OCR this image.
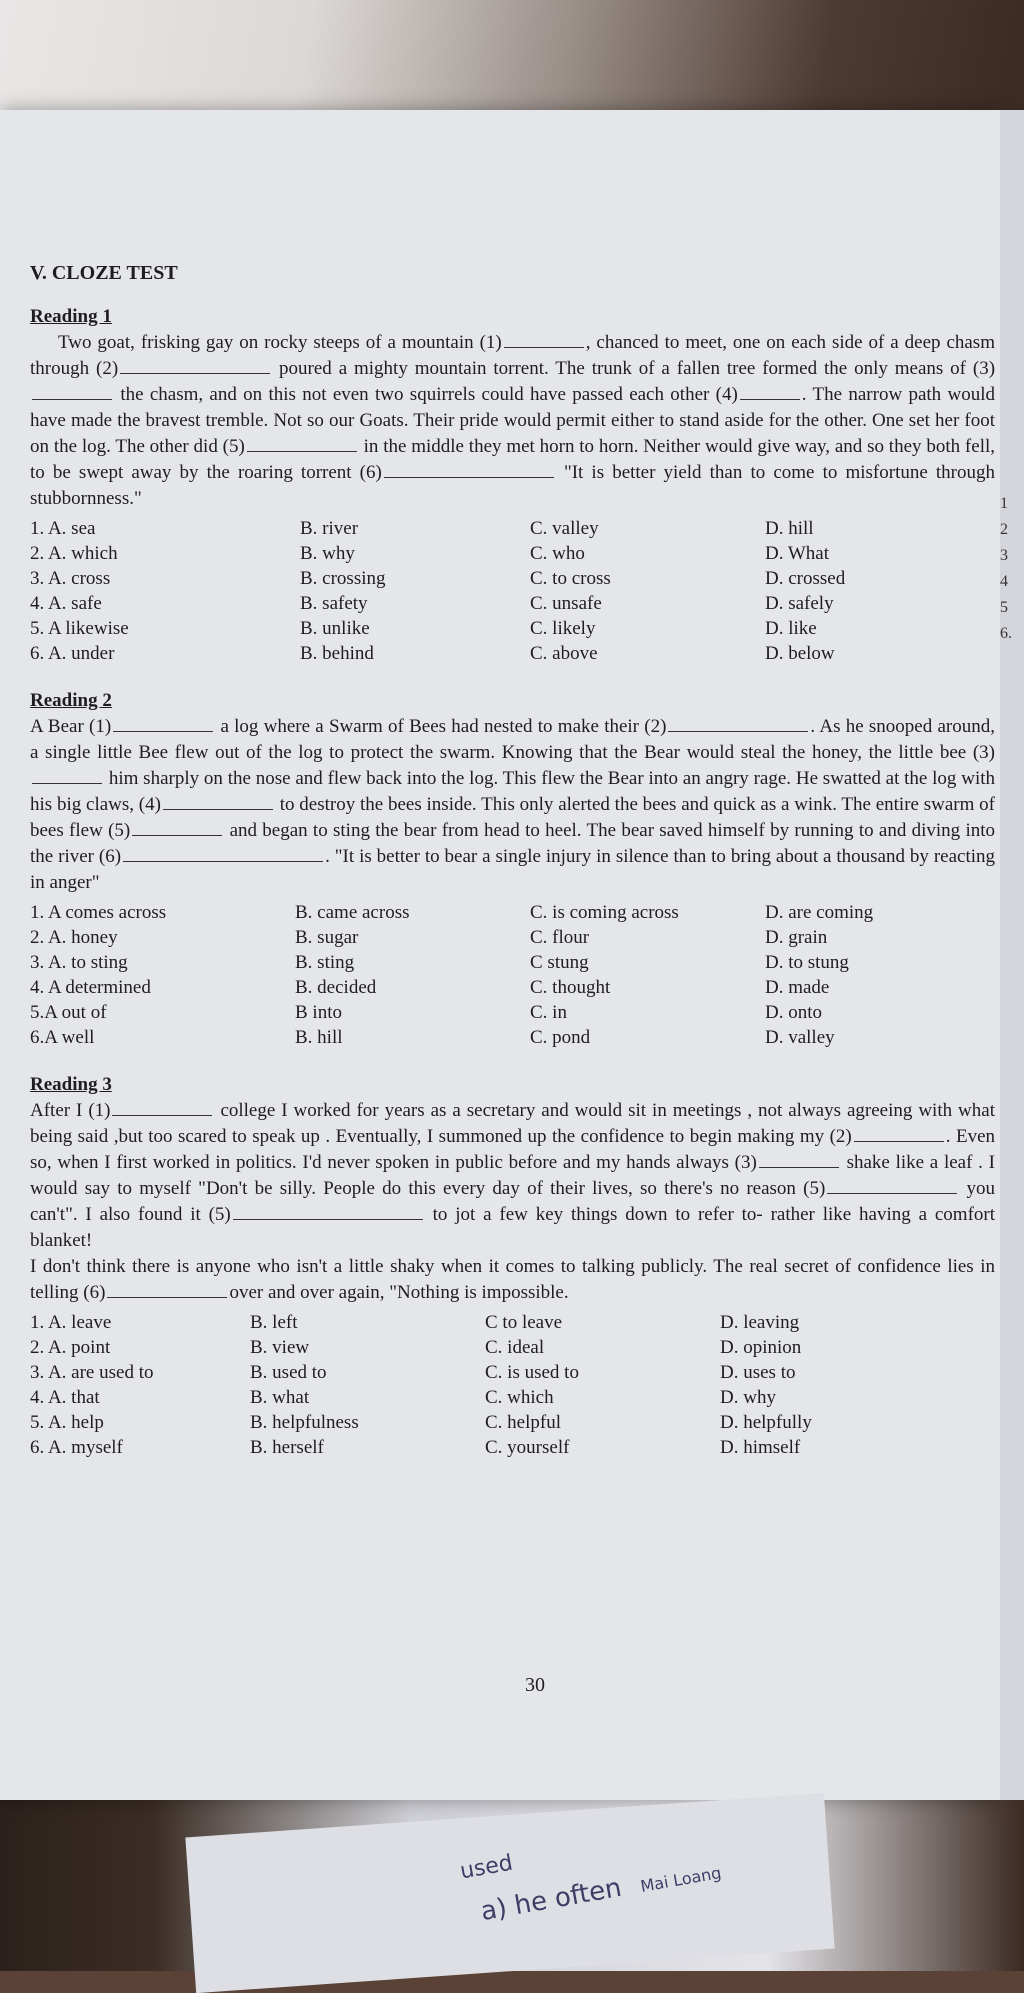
used
a) he often Mai Loang
1
2
3
4
5
6.
V. CLOZE TEST
Reading 1

Two goat, frisking gay on rocky steeps of a mountain (1)	, chanced to meet, one on each side of a deep chasm through (2)	poured a mighty mountain torrent. The trunk of a fallen tree formed the only means of (3) the chasm, and on this not even two squirrels could have passed each other (4)	. The narrow path would have made the bravest tremble. Not so our Goats. Their pride would permit either to stand aside for the other. One set her foot on the log. The other did (5)	in the middle they met horn to horn. Neither would give way, and so they both fell, to be swept away by the roaring torrent (6)	"It is better yield than to come to misfortune through stubbornness."

1. A. sea	B. river	C. valley	D. hill
2. A. which	B. why	C. who	D. What
3. A. cross	B. crossing	C. to cross	D. crossed
4. A. safe	B. safety	C. unsafe	D. safely
5. A likewise	B. unlike	C. likely	D. like
6. A. under	B. behind	C. above	D. below
Reading 2

A Bear (1)	a log where a Swarm of Bees had nested to make their (2)	. As he snooped around, a single little Bee flew out of the log to protect the swarm. Knowing that the Bear would steal the honey, the little bee (3) him sharply on the nose and flew back into the log. This flew the Bear into an angry rage. He swatted at the log with his big claws, (4)	to destroy the bees inside. This only alerted the bees and quick as a wink. The entire swarm of bees flew (5)	and began to sting the bear from head to heel. The bear saved himself by running to and diving into the river (6)	. "It is better to bear a single injury in silence than to bring about a thousand by reacting in anger"

1. A comes across	B. came across	C. is coming across	D. are coming
2. A. honey	B. sugar	C. flour	D. grain
3. A. to sting	B. sting	C stung	D. to stung
4. A determined	B. decided	C. thought	D. made
5.A out of	B into	C. in	D. onto
6.A well	B. hill	C. pond	D. valley
Reading 3

After I (1)	college I worked for years as a secretary and would sit in meetings , not always agreeing with what being said ,but too scared to speak up . Eventually, I summoned up the confidence to begin making my (2)	. Even so, when I first worked in politics. I'd never spoken in public before and my hands always (3)	shake like a leaf . I would say to myself "Don't be silly. People do this every day of their lives, so there's no reason (5)	you can't". I also found it (5)	to jot a few key things down to refer to- rather like having a comfort blanket!

I don't think there is anyone who isn't a little shaky when it comes to talking publicly. The real secret of confidence lies in telling (6)	over and over again, "Nothing is impossible.

1. A. leave	B. left	C to leave	D. leaving
2. A. point	B. view	C. ideal	D. opinion
3. A. are used to	B. used to	C. is used to	D. uses to
4. A. that	B. what	C. which	D. why
5. A. help	B. helpfulness	C. helpful	D. helpfully
6. A. myself	B. herself	C. yourself	D. himself
30
